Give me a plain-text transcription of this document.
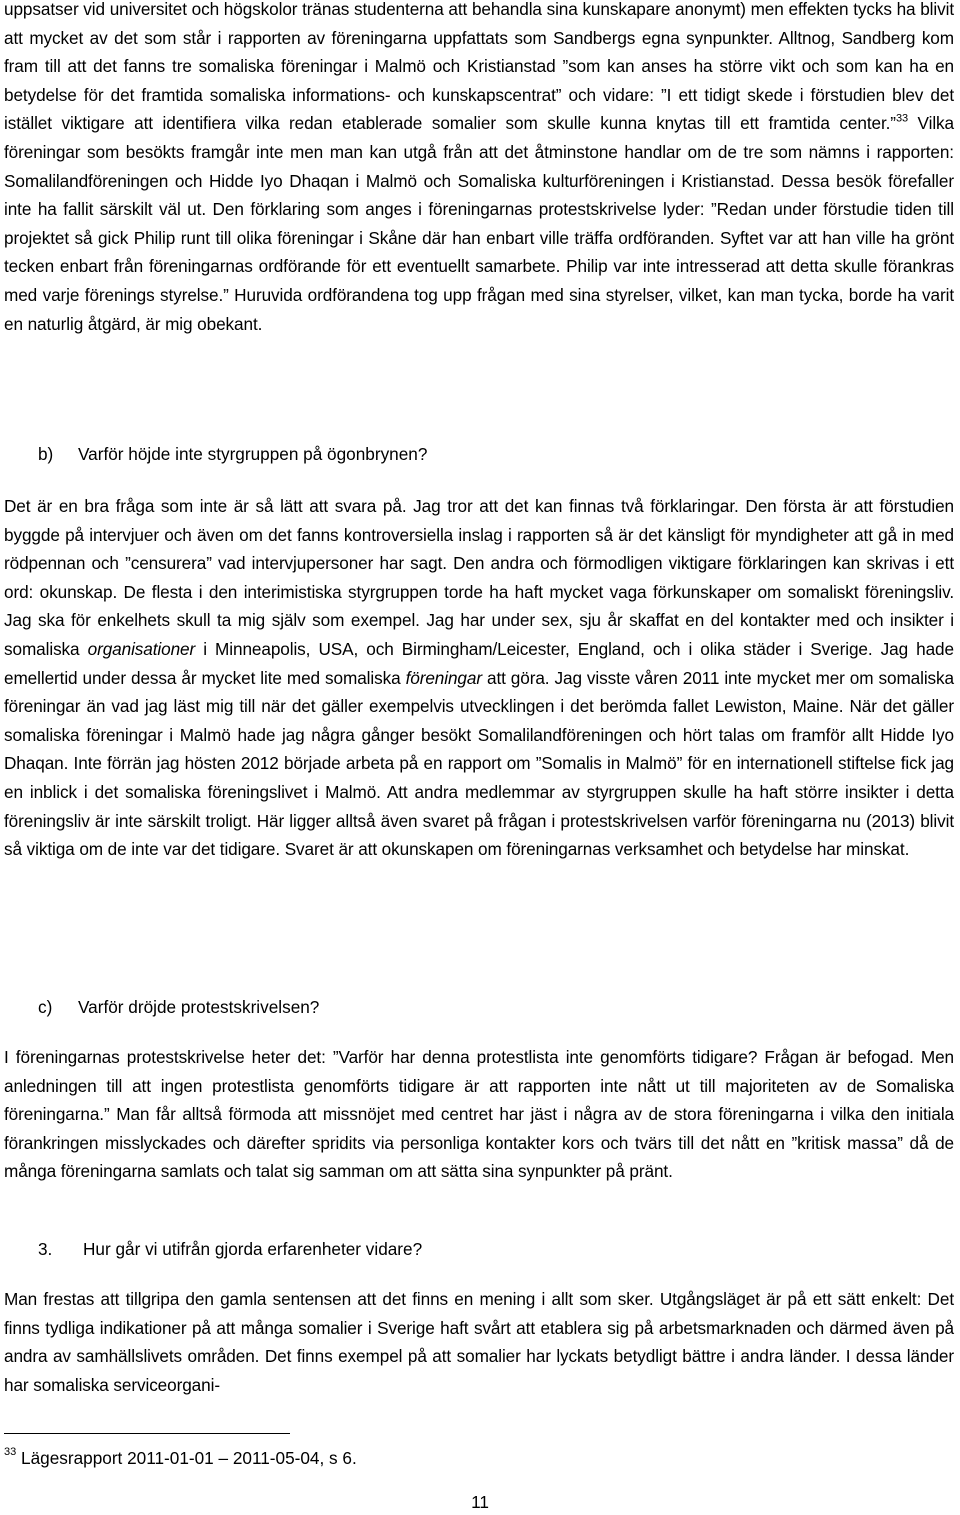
uppsatser vid universitet och högskolor tränas studenterna att behandla sina kunskapare anonymt) men effekten tycks ha blivit att mycket av det som står i rapporten av föreningarna uppfattats som Sandbergs egna synpunkter. Alltnog, Sandberg kom fram till att det fanns tre somaliska föreningar i Malmö och Kristianstad ”som kan anses ha större vikt och som kan ha en betydelse för det framtida somaliska informations- och kunskapscentrat” och vidare: ”I ett tidigt skede i förstudien blev det istället viktigare att identifiera vilka redan etablerade somalier som skulle kunna knytas till ett framtida center.”$^{33}$ Vilka föreningar som besökts framgår inte men man kan utgå från att det åtminstone handlar om de tre som nämns i rapporten: Somalilandföreningen och Hidde Iyo Dhaqan i Malmö och Somaliska kulturföreningen i Kristianstad. Dessa besök förefaller inte ha fallit särskilt väl ut. Den förklaring som anges i föreningarnas protestskrivelse lyder: ”Redan under förstudie tiden till projektet så gick Philip runt till olika föreningar i Skåne där han enbart ville träffa ordföranden. Syftet var att han ville ha grönt tecken enbart från föreningarnas ordförande för ett eventuellt samarbete. Philip var inte intresserad att detta skulle förankras med varje förenings styrelse.” Huruvida ordförandena tog upp frågan med sina styrelser, vilket, kan man tycka, borde ha varit en naturlig åtgärd, är mig obekant.

b) Varför höjde inte styrgruppen på ögonbrynen?

Det är en bra fråga som inte är så lätt att svara på. Jag tror att det kan finnas två förklaringar. Den första är att förstudien byggde på intervjuer och även om det fanns kontroversiella inslag i rapporten så är det känsligt för myndigheter att gå in med rödpennan och ”censurera” vad intervjupersoner har sagt. Den andra och förmodligen viktigare förklaringen kan skrivas i ett ord: okunskap. De flesta i den interimistiska styrgruppen torde ha haft mycket vaga förkunskaper om somaliskt föreningsliv. Jag ska för enkelhets skull ta mig själv som exempel. Jag har under sex, sju år skaffat en del kontakter med och insikter i somaliska organisationer i Minneapolis, USA, och Birmingham/Leicester, England, och i olika städer i Sverige. Jag hade emellertid under dessa år mycket lite med somaliska föreningar att göra. Jag visste våren 2011 inte mycket mer om somaliska föreningar än vad jag läst mig till när det gäller exempelvis utvecklingen i det berömda fallet Lewiston, Maine. När det gäller somaliska föreningar i Malmö hade jag några gånger besökt Somalilandföreningen och hört talas om framför allt Hidde Iyo Dhaqan. Inte förrän jag hösten 2012 började arbeta på en rapport om ”Somalis in Malmö” för en internationell stiftelse fick jag en inblick i det somaliska föreningslivet i Malmö. Att andra medlemmar av styrgruppen skulle ha haft större insikter i detta föreningsliv är inte särskilt troligt. Här ligger alltså även svaret på frågan i protestskrivelsen varför föreningarna nu (2013) blivit så viktiga om de inte var det tidigare. Svaret är att okunskapen om föreningarnas verksamhet och betydelse har minskat.

c) Varför dröjde protestskrivelsen?

I föreningarnas protestskrivelse heter det: ”Varför har denna protestlista inte genomförts tidigare? Frågan är befogad. Men anledningen till att ingen protestlista genomförts tidigare är att rapporten inte nått ut till majoriteten av de Somaliska föreningarna.” Man får alltså förmoda att missnöjet med centret har jäst i några av de stora föreningarna i vilka den initiala förankringen misslyckades och därefter spridits via personliga kontakter kors och tvärs till det nått en ”kritisk massa” då de många föreningarna samlats och talat sig samman om att sätta sina synpunkter på pränt.

3. Hur går vi utifrån gjorda erfarenheter vidare?

Man frestas att tillgripa den gamla sentensen att det finns en mening i allt som sker. Utgångsläget är på ett sätt enkelt: Det finns tydliga indikationer på att många somalier i Sverige haft svårt att etablera sig på arbetsmarknaden och därmed även på andra av samhällslivets områden. Det finns exempel på att somalier har lyckats betydligt bättre i andra länder. I dessa länder har somaliska serviceorgani-

$^{33}$ Lägesrapport 2011-01-01 – 2011-05-04, s 6.
11
